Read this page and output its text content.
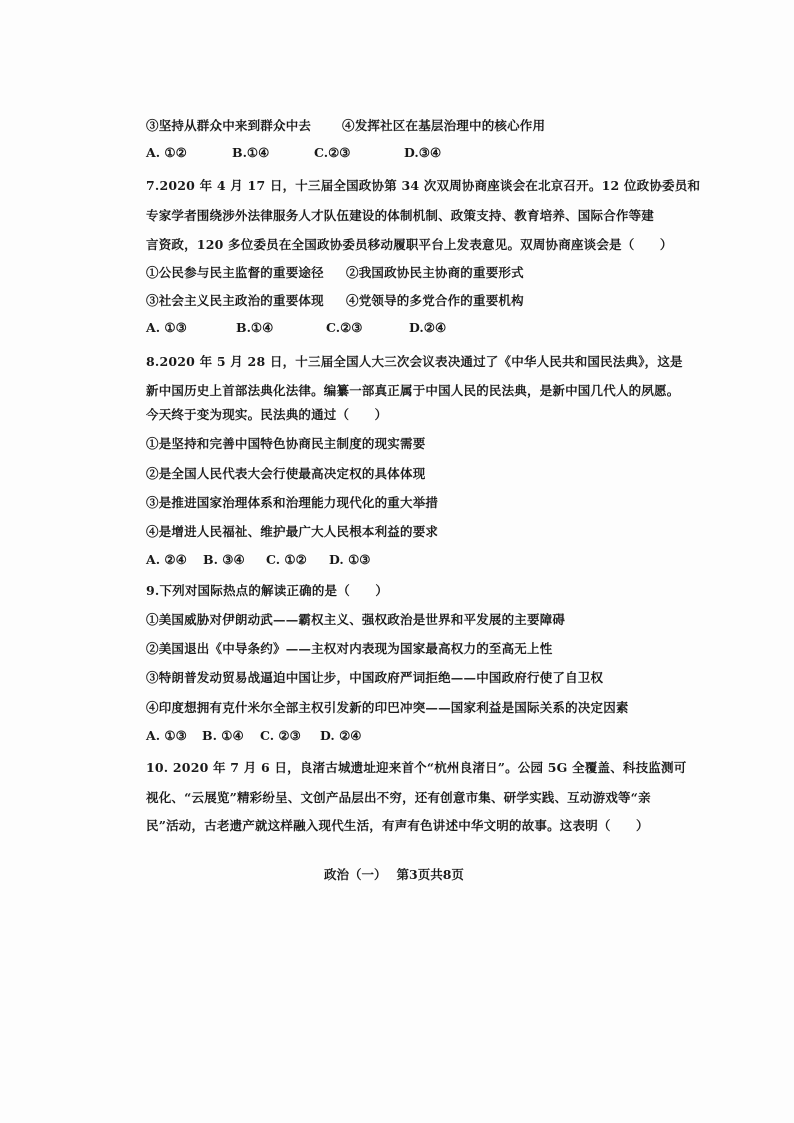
③坚持从群众中来到群众中去 ④发挥社区在基层治理中的核心作用
A. ①②	B.①④	C.②③	D.③④
7.2020 年 4 月 17 日，十三届全国政协第 34 次双周协商座谈会在北京召开。12 位政协委员和
专家学者围绕涉外法律服务人才队伍建设的体制机制、政策支持、教育培养、国际合作等建
言资政，120 多位委员在全国政协委员移动履职平台上发表意见。双周协商座谈会是（　　）
①公民参与民主监督的重要途径 ②我国政协民主协商的重要形式
③社会主义民主政治的重要体现 ④党领导的多党合作的重要机构
A. ①③	B.①④	C.②③	D.②④
8.2020 年 5 月 28 日，十三届全国人大三次会议表决通过了《中华人民共和国民法典》，这是
新中国历史上首部法典化法律。编纂一部真正属于中国人民的民法典，是新中国几代人的夙愿。
今天终于变为现实。民法典的通过（　　）
①是坚持和完善中国特色协商民主制度的现实需要
②是全国人民代表大会行使最高决定权的具体体现
③是推进国家治理体系和治理能力现代化的重大举措
④是增进人民福祉、维护最广大人民根本利益的要求
A. ②④ B. ③④ C. ①② D. ①③
9.下列对国际热点的解读正确的是（　　）
①美国威胁对伊朗动武——霸权主义、强权政治是世界和平发展的主要障碍
②美国退出《中导条约》——主权对内表现为国家最高权力的至高无上性
③特朗普发动贸易战逼迫中国让步，中国政府严词拒绝——中国政府行使了自卫权
④印度想拥有克什米尔全部主权引发新的印巴冲突——国家利益是国际关系的决定因素
A. ①③ B. ①④ C. ②③ D. ②④
10. 2020 年 7 月 6 日，良渚古城遗址迎来首个“杭州良渚日”。公园 5G 全覆盖、科技监测可
视化、“云展览”精彩纷呈、文创产品层出不穷，还有创意市集、研学实践、互动游戏等“亲
民”活动，古老遗产就这样融入现代生活，有声有色讲述中华文明的故事。这表明（　　）
政治（一） 第3页共8页
